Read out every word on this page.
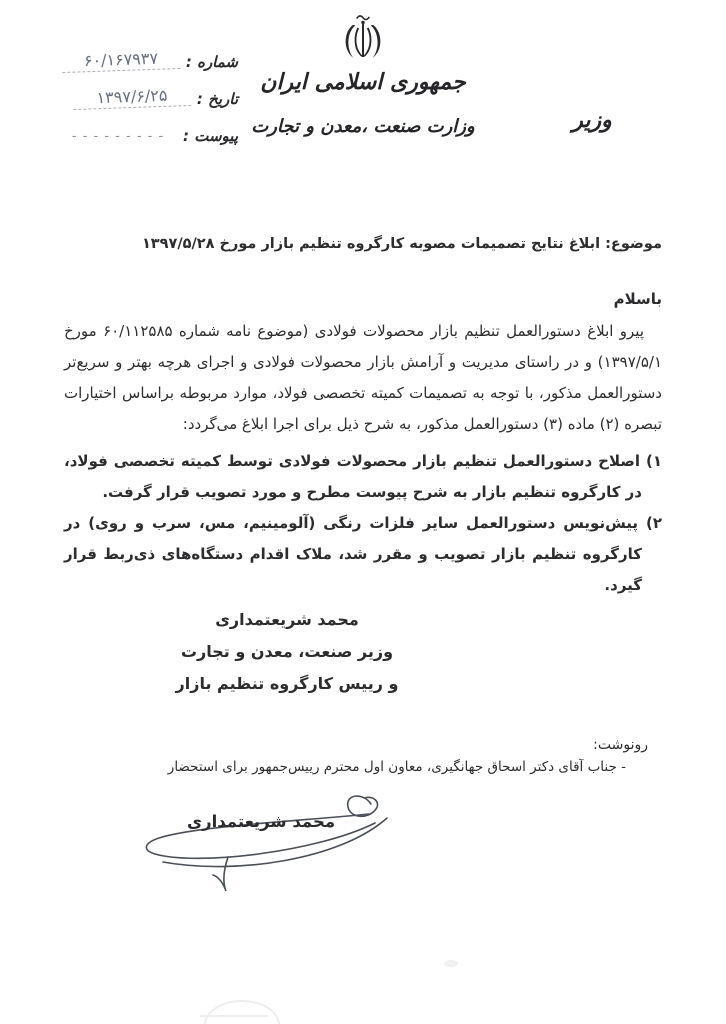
شماره :
۶۰/۱۶۷۹۳۷
تاریخ :
۱۳۹۷/۶/۲۵
پیوست :
- - - - - - - - -
جمهوری اسلامی ایران
وزارت صنعت ،معدن و تجارت	وزیر
موضوع: ابلاغ نتایج تصمیمات مصوبه کارگروه تنظیم بازار مورخ ۱۳۹۷/۵/۲۸
باسلام
پیرو ابلاغ دستورالعمل تنظیم بازار محصولات فولادی (موضوع نامه شماره ۶۰/۱۱۲۵۸۵ مورخ ۱۳۹۷/۵/۱) و در راستای مدیریت و آرامش بازار محصولات فولادی و اجرای هرچه بهتر و سریع‌تر دستورالعمل مذکور، با توجه به تصمیمات کمیته تخصصی فولاد، موارد مربوطه براساس اختیارات تبصره (۲) ماده (۳) دستورالعمل مذکور، به شرح ذیل برای اجرا ابلاغ می‌گردد:
۱) اصلاح دستورالعمل تنظیم بازار محصولات فولادی توسط کمیته تخصصی فولاد، در کارگروه تنظیم بازار به شرح پیوست مطرح و مورد تصویب قرار گرفت.
۲) پیش‌نویس دستورالعمل سایر فلزات رنگی (آلومینیم، مس، سرب و روی) در کارگروه تنظیم بازار تصویب و مقرر شد، ملاک اقدام دستگاه‌های ذی‌ربط قرار گیرد.
محمد شریعتمداری
وزیر صنعت، معدن و تجارت
و رییس کارگروه تنظیم بازار
رونوشت:
- جناب آقای دکتر اسحاق جهانگیری، معاون اول محترم رییس‌جمهور برای استحضار
محمد شریعتمداری
